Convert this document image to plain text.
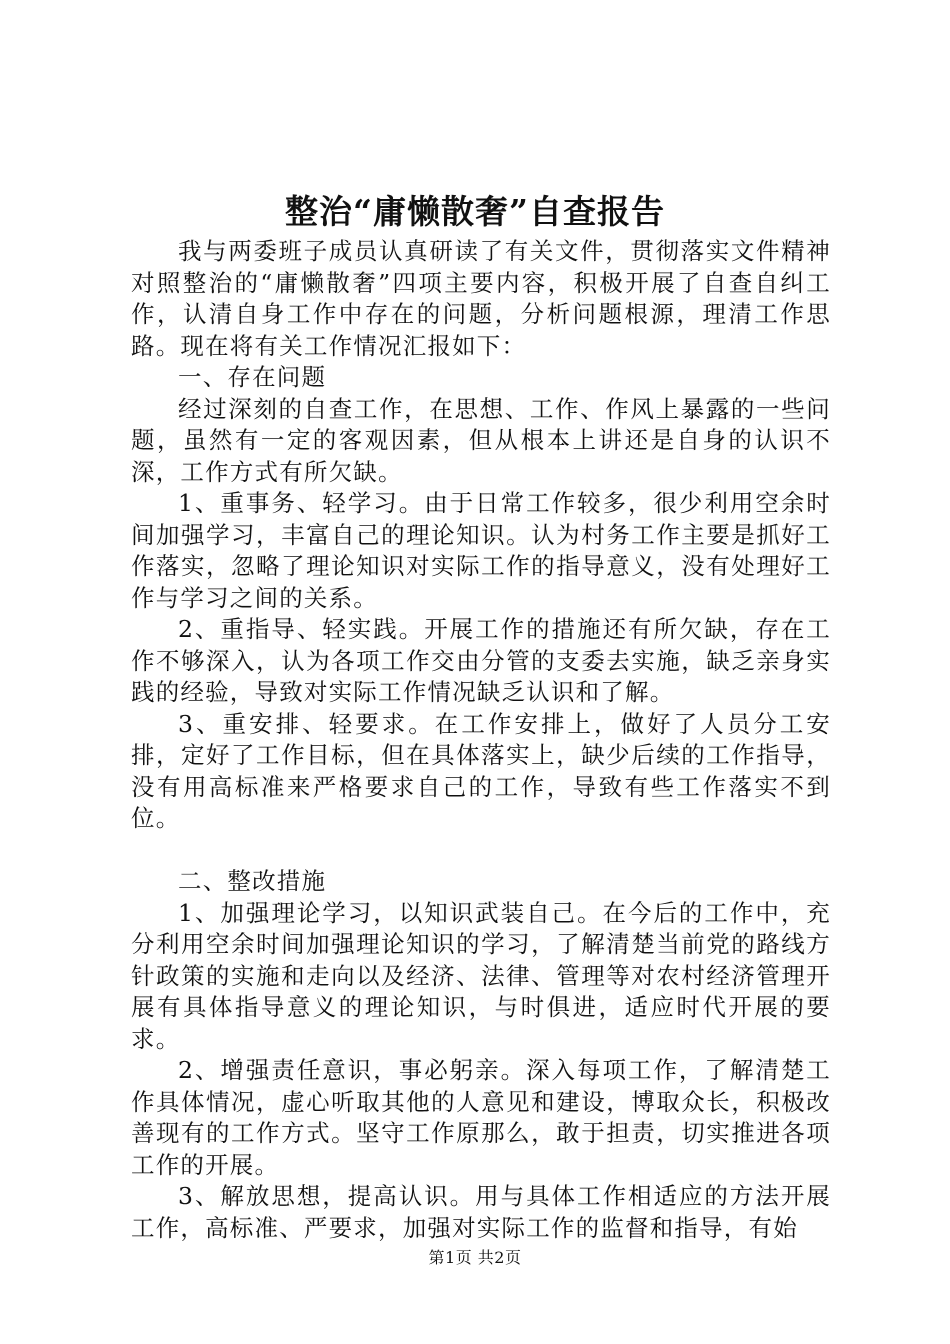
整治“庸懒散奢”自查报告

我与两委班子成员认真研读了有关文件，贯彻落实文件精神对照整治的“庸懒散奢”四项主要内容，积极开展了自查自纠工作，认清自身工作中存在的问题，分析问题根源，理清工作思路。现在将有关工作情况汇报如下：

一、存在问题

经过深刻的自查工作，在思想、工作、作风上暴露的一些问题，虽然有一定的客观因素，但从根本上讲还是自身的认识不深，工作方式有所欠缺。

1、重事务、轻学习。由于日常工作较多，很少利用空余时间加强学习，丰富自己的理论知识。认为村务工作主要是抓好工作落实，忽略了理论知识对实际工作的指导意义，没有处理好工作与学习之间的关系。

2、重指导、轻实践。开展工作的措施还有所欠缺，存在工作不够深入，认为各项工作交由分管的支委去实施，缺乏亲身实践的经验，导致对实际工作情况缺乏认识和了解。

3、重安排、轻要求。在工作安排上，做好了人员分工安排，定好了工作目标，但在具体落实上，缺少后续的工作指导，没有用高标准来严格要求自己的工作，导致有些工作落实不到位。

二、整改措施

1、加强理论学习，以知识武装自己。在今后的工作中，充分利用空余时间加强理论知识的学习，了解清楚当前党的路线方针政策的实施和走向以及经济、法律、管理等对农村经济管理开展有具体指导意义的理论知识，与时俱进，适应时代开展的要求。

2、增强责任意识，事必躬亲。深入每项工作，了解清楚工作具体情况，虚心听取其他的人意见和建设，博取众长，积极改善现有的工作方式。坚守工作原那么，敢于担责，切实推进各项工作的开展。

3、解放思想，提高认识。用与具体工作相适应的方法开展工作，高标准、严要求，加强对实际工作的监督和指导，有始

第1页 共2页
